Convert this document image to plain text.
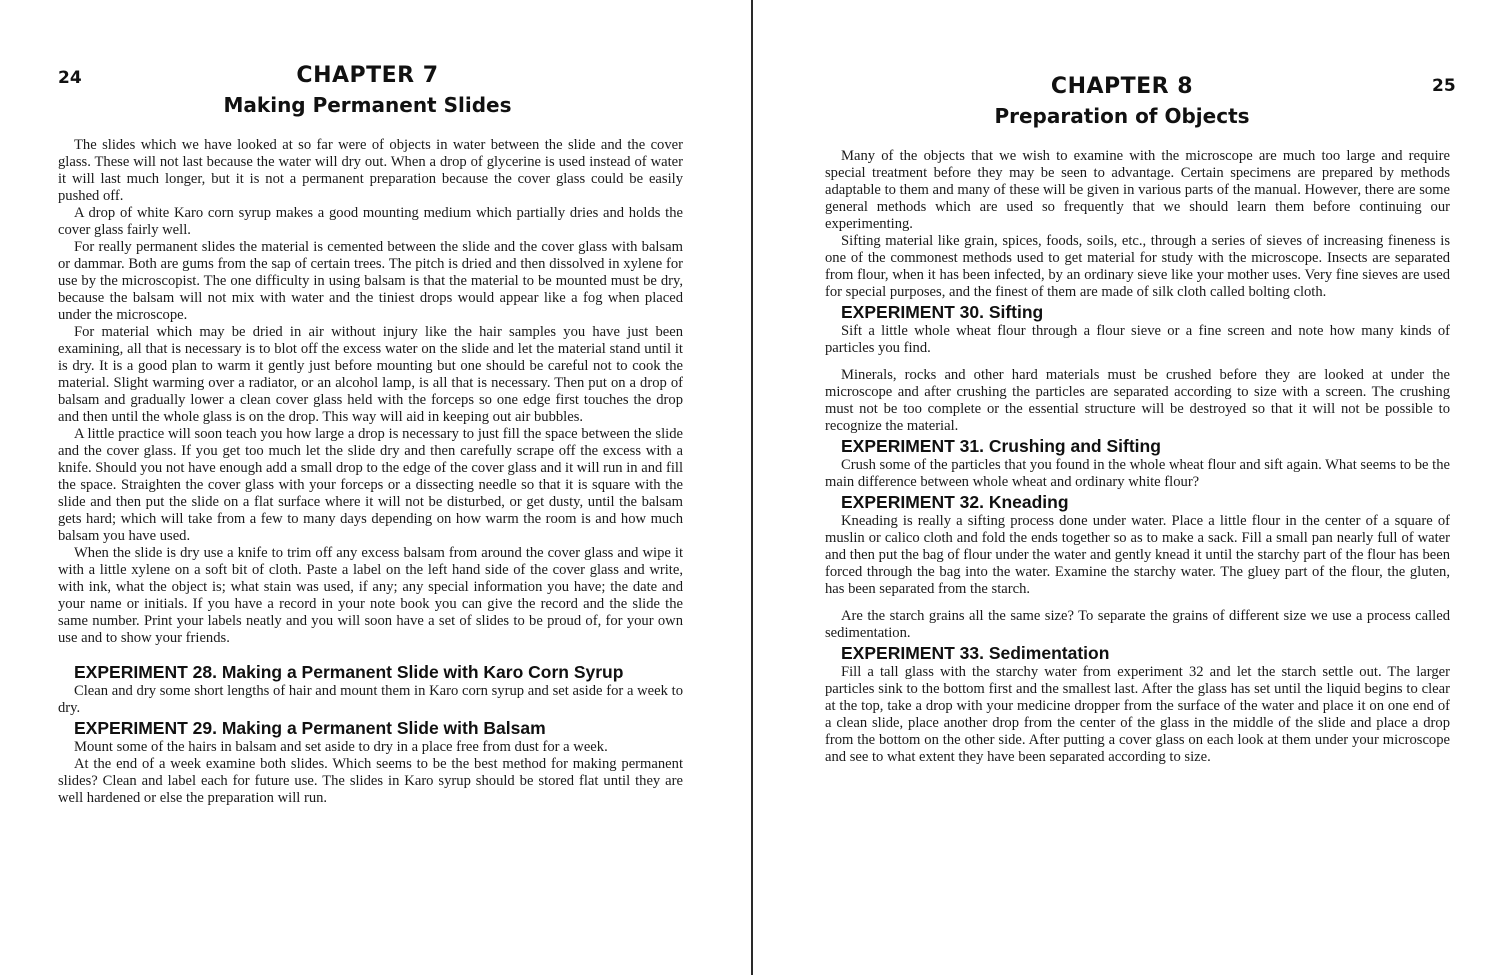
24	CHAPTER 7
Making Permanent Slides

The slides which we have looked at so far were of objects in water between the slide and the cover glass. These will not last because the water will dry out. When a drop of glycerine is used instead of water it will last much longer, but it is not a permanent preparation because the cover glass could be easily pushed off.

A drop of white Karo corn syrup makes a good mounting medium which partially dries and holds the cover glass fairly well.

For really permanent slides the material is cemented between the slide and the cover glass with balsam or dammar. Both are gums from the sap of certain trees. The pitch is dried and then dissolved in xylene for use by the microscopist. The one difficulty in using balsam is that the material to be mounted must be dry, because the balsam will not mix with water and the tiniest drops would appear like a fog when placed under the microscope.

For material which may be dried in air without injury like the hair samples you have just been examining, all that is necessary is to blot off the excess water on the slide and let the material stand until it is dry. It is a good plan to warm it gently just before mounting but one should be careful not to cook the material. Slight warming over a radiator, or an alcohol lamp, is all that is necessary. Then put on a drop of balsam and gradually lower a clean cover glass held with the forceps so one edge first touches the drop and then until the whole glass is on the drop. This way will aid in keeping out air bubbles.

A little practice will soon teach you how large a drop is necessary to just fill the space between the slide and the cover glass. If you get too much let the slide dry and then carefully scrape off the excess with a knife. Should you not have enough add a small drop to the edge of the cover glass and it will run in and fill the space. Straighten the cover glass with your forceps or a dissecting needle so that it is square with the slide and then put the slide on a flat surface where it will not be disturbed, or get dusty, until the balsam gets hard; which will take from a few to many days depending on how warm the room is and how much balsam you have used.

When the slide is dry use a knife to trim off any excess balsam from around the cover glass and wipe it with a little xylene on a soft bit of cloth. Paste a label on the left hand side of the cover glass and write, with ink, what the object is; what stain was used, if any; any special information you have; the date and your name or initials. If you have a record in your note book you can give the record and the slide the same number. Print your labels neatly and you will soon have a set of slides to be proud of, for your own use and to show your friends.

EXPERIMENT 28. Making a Permanent Slide with Karo Corn Syrup

Clean and dry some short lengths of hair and mount them in Karo corn syrup and set aside for a week to dry.

EXPERIMENT 29. Making a Permanent Slide with Balsam

Mount some of the hairs in balsam and set aside to dry in a place free from dust for a week.

At the end of a week examine both slides. Which seems to be the best method for making permanent slides? Clean and label each for future use. The slides in Karo syrup should be stored flat until they are well hardened or else the preparation will run.

CHAPTER 8	25
Preparation of Objects

Many of the objects that we wish to examine with the microscope are much too large and require special treatment before they may be seen to advantage. Certain specimens are prepared by methods adaptable to them and many of these will be given in various parts of the manual. However, there are some general methods which are used so frequently that we should learn them before continuing our experimenting.

Sifting material like grain, spices, foods, soils, etc., through a series of sieves of increasing fineness is one of the commonest methods used to get material for study with the microscope. Insects are separated from flour, when it has been infected, by an ordinary sieve like your mother uses. Very fine sieves are used for special purposes, and the finest of them are made of silk cloth called bolting cloth.

EXPERIMENT 30. Sifting

Sift a little whole wheat flour through a flour sieve or a fine screen and note how many kinds of particles you find.

Minerals, rocks and other hard materials must be crushed before they are looked at under the microscope and after crushing the particles are separated according to size with a screen. The crushing must not be too complete or the essential structure will be destroyed so that it will not be possible to recognize the material.

EXPERIMENT 31. Crushing and Sifting

Crush some of the particles that you found in the whole wheat flour and sift again. What seems to be the main difference between whole wheat and ordinary white flour?

EXPERIMENT 32. Kneading

Kneading is really a sifting process done under water. Place a little flour in the center of a square of muslin or calico cloth and fold the ends together so as to make a sack. Fill a small pan nearly full of water and then put the bag of flour under the water and gently knead it until the starchy part of the flour has been forced through the bag into the water. Examine the starchy water. The gluey part of the flour, the gluten, has been separated from the starch.

Are the starch grains all the same size? To separate the grains of different size we use a process called sedimentation.

EXPERIMENT 33. Sedimentation

Fill a tall glass with the starchy water from experiment 32 and let the starch settle out. The larger particles sink to the bottom first and the smallest last. After the glass has set until the liquid begins to clear at the top, take a drop with your medicine dropper from the surface of the water and place it on one end of a clean slide, place another drop from the center of the glass in the middle of the slide and place a drop from the bottom on the other side. After putting a cover glass on each look at them under your microscope and see to what extent they have been separated according to size.
